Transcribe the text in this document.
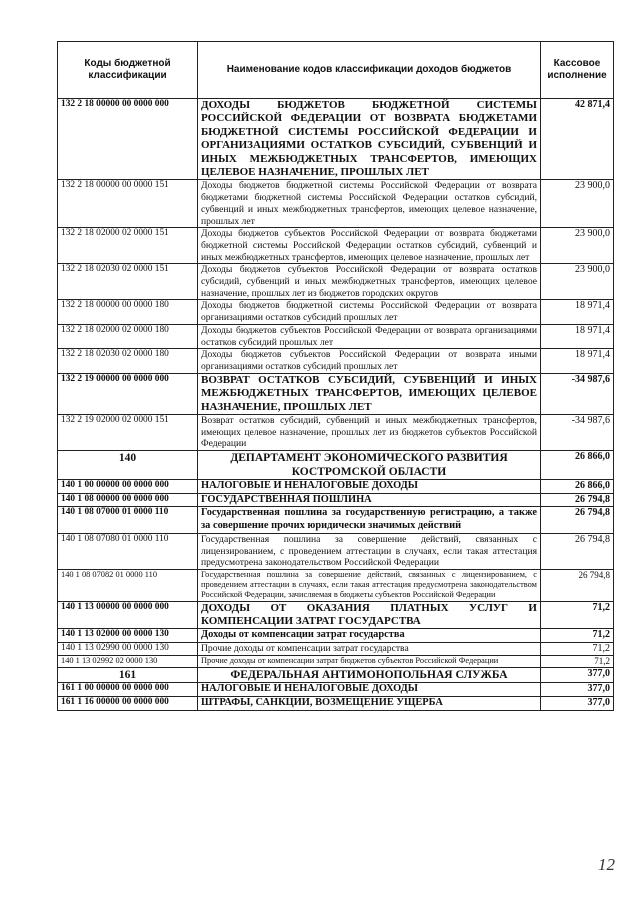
Коды бюджетной классификации	Наименование кодов классификации доходов бюджетов	Кассовое исполнение
132 2 18 00000 00 0000 000	ДОХОДЫ БЮДЖЕТОВ БЮДЖЕТНОЙ СИСТЕМЫ РОССИЙСКОЙ ФЕДЕРАЦИИ ОТ ВОЗВРАТА БЮДЖЕТАМИ БЮДЖЕТНОЙ СИСТЕМЫ РОССИЙСКОЙ ФЕДЕРАЦИИ И ОРГАНИЗАЦИЯМИ ОСТАТКОВ СУБСИДИЙ, СУБВЕНЦИЙ И ИНЫХ МЕЖБЮДЖЕТНЫХ ТРАНСФЕРТОВ, ИМЕЮЩИХ ЦЕЛЕВОЕ НАЗНАЧЕНИЕ, ПРОШЛЫХ ЛЕТ	42 871,4
132 2 18 00000 00 0000 151	Доходы бюджетов бюджетной системы Российской Федерации от возврата бюджетами бюджетной системы Российской Федерации остатков субсидий, субвенций и иных межбюджетных трансфертов, имеющих целевое назначение, прошлых лет	23 900,0
132 2 18 02000 02 0000 151	Доходы бюджетов субъектов Российской Федерации от возврата бюджетами бюджетной системы Российской Федерации остатков субсидий, субвенций и иных межбюджетных трансфертов, имеющих целевое назначение, прошлых лет	23 900,0
132 2 18 02030 02 0000 151	Доходы бюджетов субъектов Российской Федерации от возврата остатков субсидий, субвенций и иных межбюджетных трансфертов, имеющих целевое назначение, прошлых лет из бюджетов городских округов	23 900,0
132 2 18 00000 00 0000 180	Доходы бюджетов бюджетной системы Российской Федерации от возврата организациями остатков субсидий прошлых лет	18 971,4
132 2 18 02000 02 0000 180	Доходы бюджетов субъектов Российской Федерации от возврата организациями остатков субсидий прошлых лет	18 971,4
132 2 18 02030 02 0000 180	Доходы бюджетов субъектов Российской Федерации от возврата иными организациями остатков субсидий прошлых лет	18 971,4
132 2 19 00000 00 0000 000	ВОЗВРАТ ОСТАТКОВ СУБСИДИЙ, СУБВЕНЦИЙ И ИНЫХ МЕЖБЮДЖЕТНЫХ ТРАНСФЕРТОВ, ИМЕЮЩИХ ЦЕЛЕВОЕ НАЗНАЧЕНИЕ, ПРОШЛЫХ ЛЕТ	-34 987,6
132 2 19 02000 02 0000 151	Возврат остатков субсидий, субвенций и иных межбюджетных трансфертов, имеющих целевое назначение, прошлых лет из бюджетов субъектов Российской Федерации	-34 987,6
140	ДЕПАРТАМЕНТ ЭКОНОМИЧЕСКОГО РАЗВИТИЯ КОСТРОМСКОЙ ОБЛАСТИ	26 866,0
140 1 00 00000 00 0000 000	НАЛОГОВЫЕ И НЕНАЛОГОВЫЕ ДОХОДЫ	26 866,0
140 1 08 00000 00 0000 000	ГОСУДАРСТВЕННАЯ ПОШЛИНА	26 794,8
140 1 08 07000 01 0000 110	Государственная пошлина за государственную регистрацию, а также за совершение прочих юридически значимых действий	26 794,8
140 1 08 07080 01 0000 110	Государственная пошлина за совершение действий, связанных с лицензированием, с проведением аттестации в случаях, если такая аттестация предусмотрена законодательством Российской Федерации	26 794,8
140 1 08 07082 01 0000 110	Государственная пошлина за совершение действий, связанных с лицензированием, с проведением аттестации в случаях, если такая аттестация предусмотрена законодательством Российской Федерации, зачисляемая в бюджеты субъектов Российской Федерации	26 794,8
140 1 13 00000 00 0000 000	ДОХОДЫ ОТ ОКАЗАНИЯ ПЛАТНЫХ УСЛУГ И КОМПЕНСАЦИИ ЗАТРАТ ГОСУДАРСТВА	71,2
140 1 13 02000 00 0000 130	Доходы от компенсации затрат государства	71,2
140 1 13 02990 00 0000 130	Прочие доходы от компенсации затрат государства	71,2
140 1 13 02992 02 0000 130	Прочие доходы от компенсации затрат бюджетов субъектов Российской Федерации	71,2
161	ФЕДЕРАЛЬНАЯ АНТИМОНОПОЛЬНАЯ СЛУЖБА	377,0
161 1 00 00000 00 0000 000	НАЛОГОВЫЕ И НЕНАЛОГОВЫЕ ДОХОДЫ	377,0
161 1 16 00000 00 0000 000	ШТРАФЫ, САНКЦИИ, ВОЗМЕЩЕНИЕ УЩЕРБА	377,0
12
